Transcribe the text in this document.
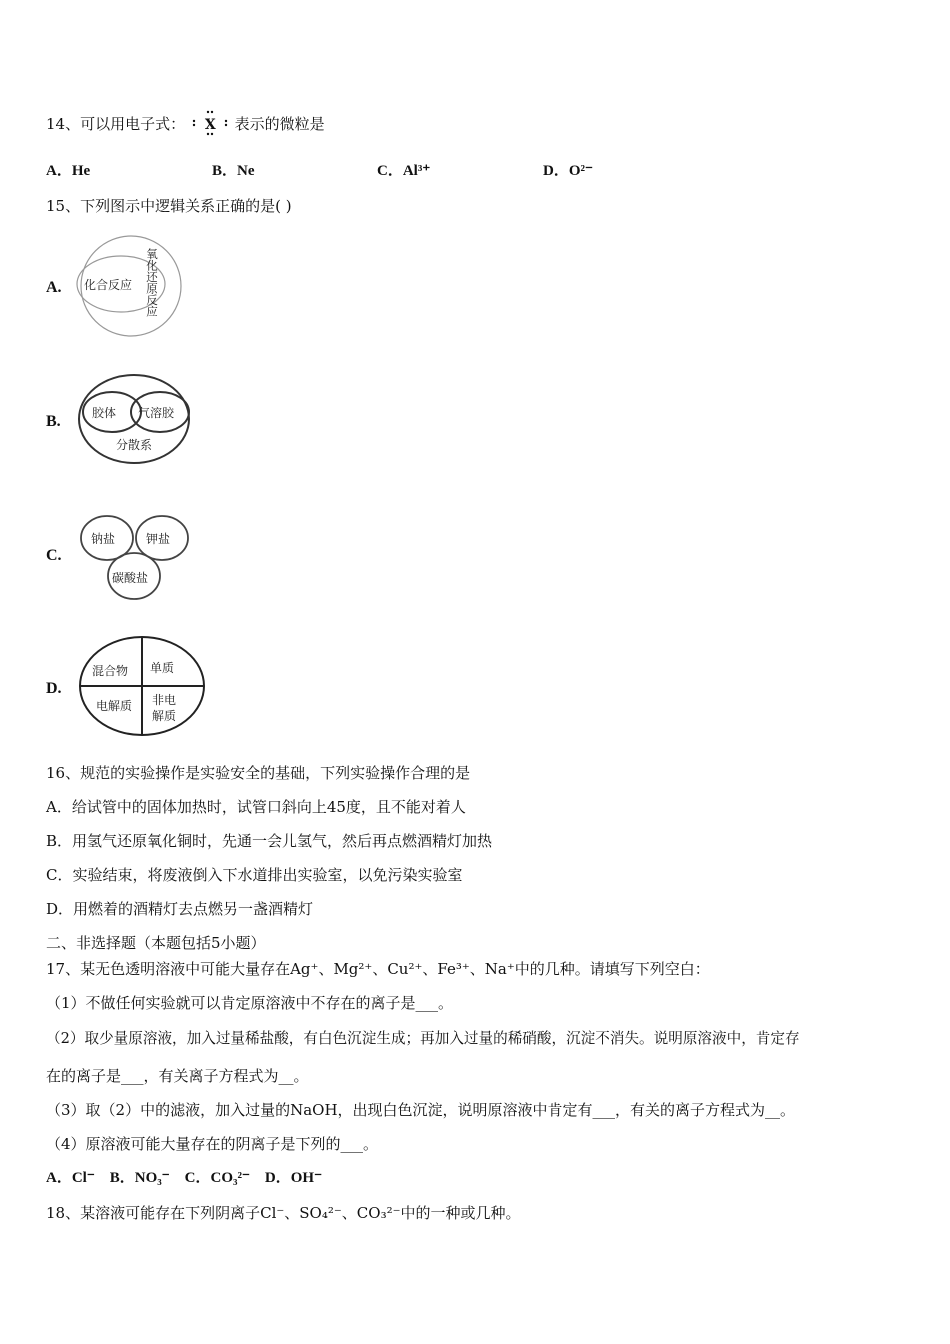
14、可以用电子式： X 表示的微粒是
A．He	B．Ne	C．Al³⁺	D．O²⁻
15、下列图示中逻辑关系正确的是( )
A. 化合反应 氧化还原反应
B.	胶体 气溶胶
分散系
C.
钠盐	钾盐
碳酸盐
D.
混合物 单质
电解质 非电
解质
16、规范的实验操作是实验安全的基础，下列实验操作合理的是
A．给试管中的固体加热时，试管口斜向上45度，且不能对着人
B．用氢气还原氧化铜时，先通一会儿氢气，然后再点燃酒精灯加热
C．实验结束，将废液倒入下水道排出实验室，以免污染实验室
D．用燃着的酒精灯去点燃另一盏酒精灯
二、非选择题（本题包括5小题）
17、某无色透明溶液中可能大量存在Ag⁺、Mg²⁺、Cu²⁺、Fe³⁺、Na⁺中的几种。请填写下列空白：
（1）不做任何实验就可以肯定原溶液中不存在的离子是___。
（2）取少量原溶液，加入过量稀盐酸，有白色沉淀生成；再加入过量的稀硝酸，沉淀不消失。说明原溶液中，肯定存
在的离子是___，有关离子方程式为__。
（3）取（2）中的滤液，加入过量的NaOH，出现白色沉淀，说明原溶液中肯定有___，有关的离子方程式为__。
（4）原溶液可能大量存在的阴离子是下列的___。
A．Cl⁻　B．NO₃⁻　C．CO₃²⁻　D．OH⁻
18、某溶液可能存在下列阴离子Cl⁻、SO₄²⁻、CO₃²⁻中的一种或几种。
